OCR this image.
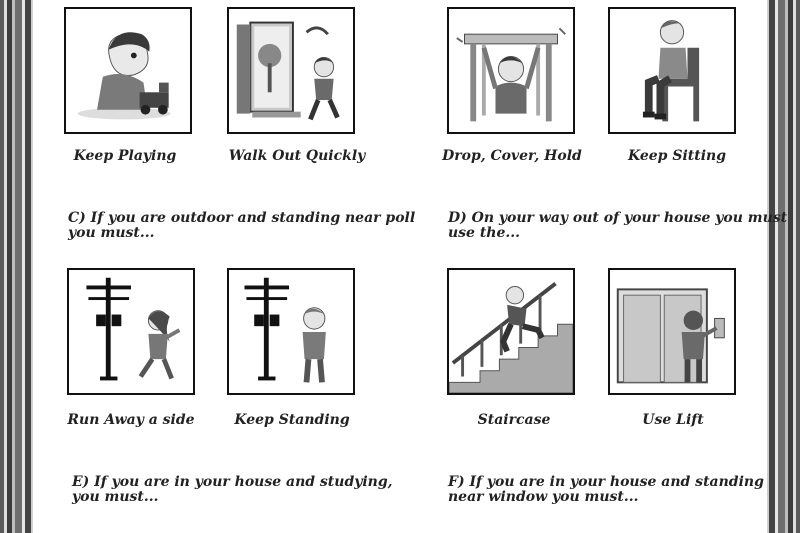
Keep Playing	Walk Out Quickly	Drop, Cover, Hold	Keep Sitting
C) If you are outdoor and standing near poll
you must...
D) On your way out of your house you must
use the...
Run Away a side	Keep Standing	Staircase	Use Lift
E) If you are in your house and studying,
you must...
F) If you are in your house and standing
near window you must...
